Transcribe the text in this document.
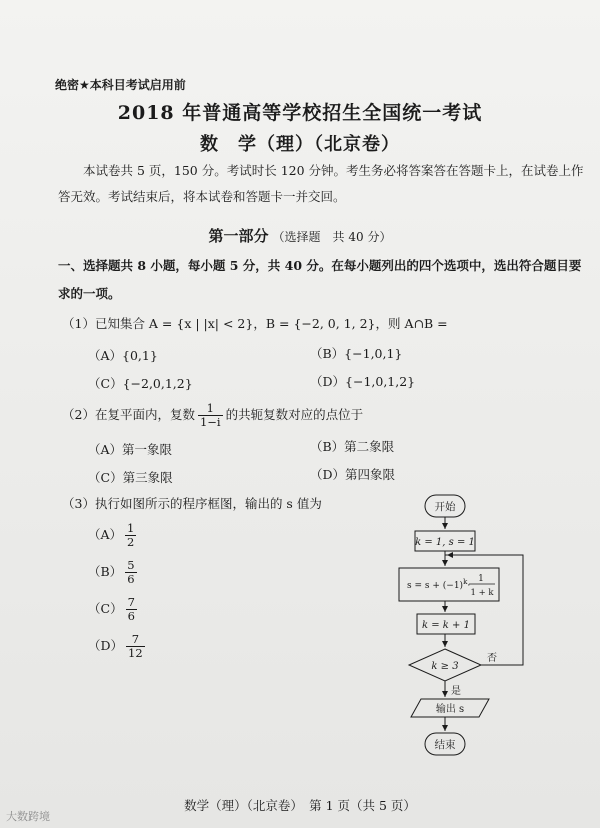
绝密★本科目考试启用前
2018 年普通高等学校招生全国统一考试
数　学（理）（北京卷）
本试卷共 5 页，150 分。考试时长 120 分钟。考生务必将答案答在答题卡上，在试卷上作答无效。考试结束后，将本试卷和答题卡一并交回。
第一部分 （选择题　共 40 分）
一、选择题共 8 小题，每小题 5 分，共 40 分。在每小题列出的四个选项中，选出符合题目要求的一项。
（1）已知集合 A = {x | |x| < 2}，B = {−2, 0, 1, 2}，则 A∩B =
（A）{0,1}	（B）{−1,0,1}
（C）{−2,0,1,2}	（D）{−1,0,1,2}
（2）在复平面内，复数 $\frac{1}{1-i}$ 的共轭复数对应的点位于
（A）第一象限	（B）第二象限
（C）第三象限	（D）第四象限
（3）执行如图所示的程序框图，输出的 s 值为
$(A) \frac{1}{2}$
$(B) \frac{5}{6}$
$(C) \frac{7}{6}$
$(D) \frac{7}{12}$
开始
k = 1, s = 1
$s = s + (-1)^k\cdot$
1
1 + k
k = k + 1
k ≥ 3
否
是
输出 s
结束
数学（理）（北京卷）　第 1 页（共 5 页）
大数跨境
